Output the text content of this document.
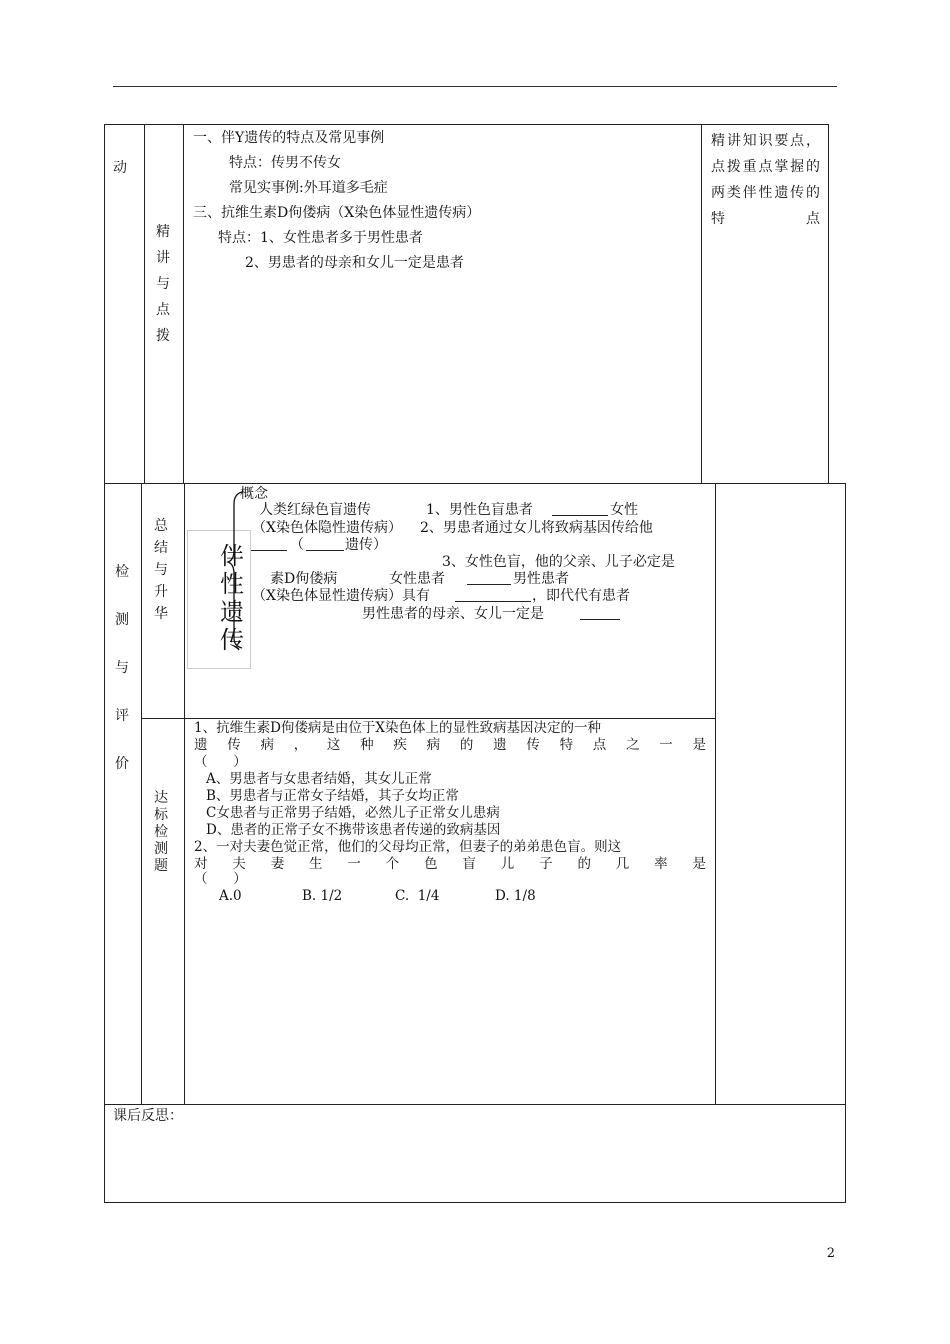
动
精讲与点拨
一、伴Y遗传的特点及常见事例
特点：传男不传女
常见实事例:外耳道多毛症
三、抗维生素D佝偻病（X染色体显性遗传病）
特点：1、女性患者多于男性患者
2、男患者的母亲和女儿一定是患者
精讲知识要点，点拨重点掌握的两类伴性遗传的特点
检测与评价
总结与升华
伴性遗传
概念
人类红绿色盲遗传	1、男性色盲患者	女性
（X染色体隐性遗传病） 2、男患者通过女儿将致病基因传给他
（	遗传）
3、女性色盲，他的父亲、儿子必定是
素D佝偻病	女性患者	男性患者
（X染色体显性遗传病）具有	，即代代有患者
男性患者的母亲、女儿一定是
达标检测题
1、抗维生素D佝偻病是由位于X染色体上的显性致病基因决定的一种
遗传病，这种疾病的遗传特点之一是
（      ）
A、男患者与女患者结婚，其女儿正常
B、男患者与正常女子结婚，其子女均正常
C女患者与正常男子结婚，必然儿子正常女儿患病
D、患者的正常子女不携带该患者传递的致病基因
2、一对夫妻色觉正常，他们的父母均正常，但妻子的弟弟患色盲。则这
对夫妻生一个色盲儿子的几率是
（      ）
A.0	B. 1/2	C.  1/4	D. 1/8
课后反思：
2
